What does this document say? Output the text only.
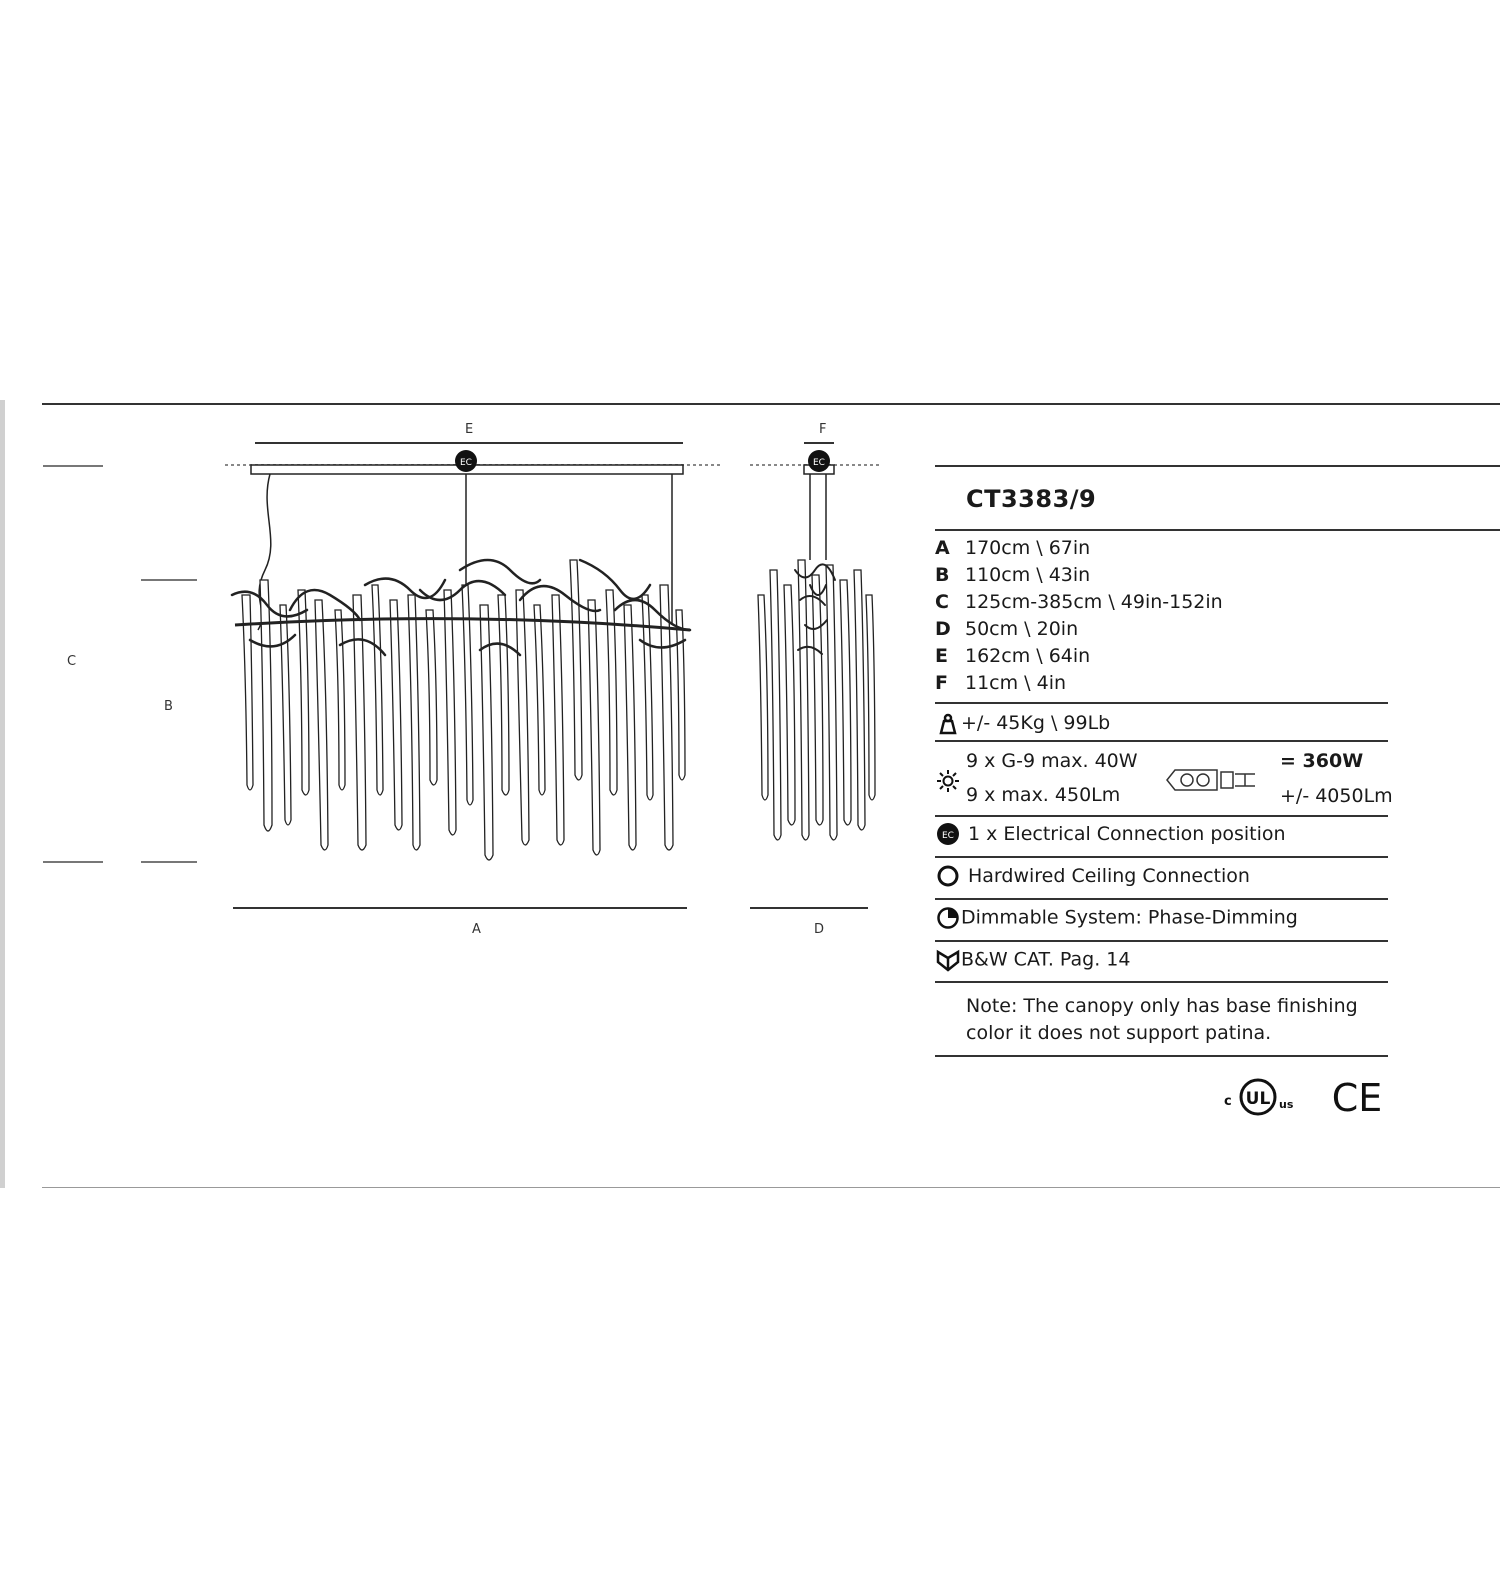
C
B
EC
E
A
EC
F
D
CT3383/9
A 170cm \ 67in
B 110cm \ 43in
C 125cm-385cm \ 49in-152in
D 50cm \ 20in
E 162cm \ 64in
F 11cm \ 4in
+/- 45Kg \ 99Lb
9 x G-9 max. 40W
9 x max. 450Lm
= 360W
+/- 4050Lm
EC 1 x Electrical Connection position
Hardwired Ceiling Connection
Dimmable System: Phase-Dimming
B&W CAT. Pag. 14
Note: The canopy only has base finishing color it does not support patina.
c UL us CE
